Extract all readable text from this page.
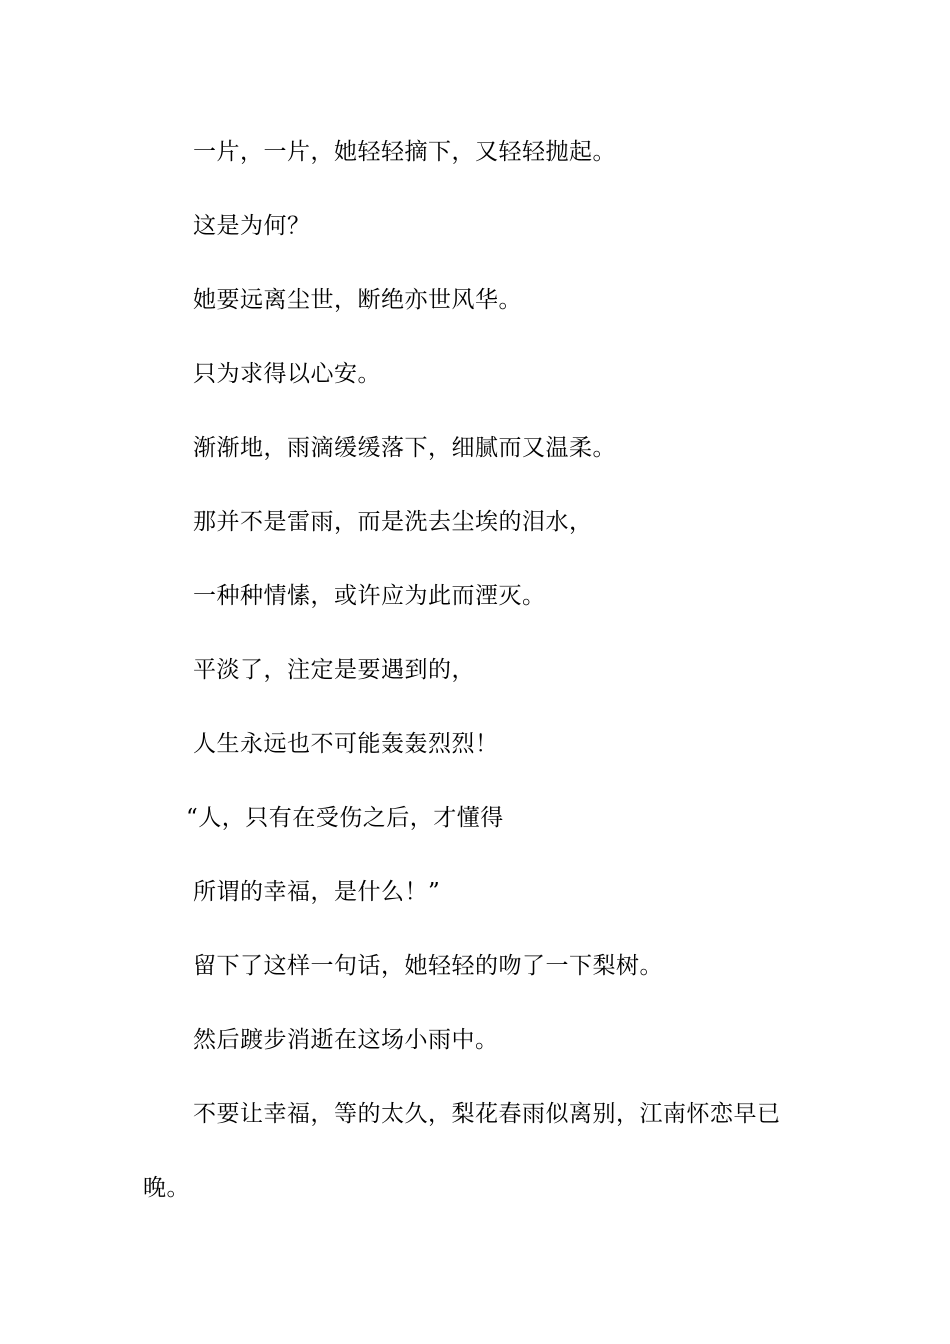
一片，一片，她轻轻摘下，又轻轻抛起。
这是为何？
她要远离尘世，断绝亦世风华。
只为求得以心安。
渐渐地，雨滴缓缓落下，细腻而又温柔。
那并不是雷雨，而是洗去尘埃的泪水，
一种种情愫，或许应为此而湮灭。
平淡了，注定是要遇到的，
人生永远也不可能轰轰烈烈！
“人，只有在受伤之后，才懂得
所谓的幸福，是什么！”
留下了这样一句话，她轻轻的吻了一下梨树。
然后踱步消逝在这场小雨中。
不要让幸福，等的太久，梨花春雨似离别，江南怀恋早已
晚。
